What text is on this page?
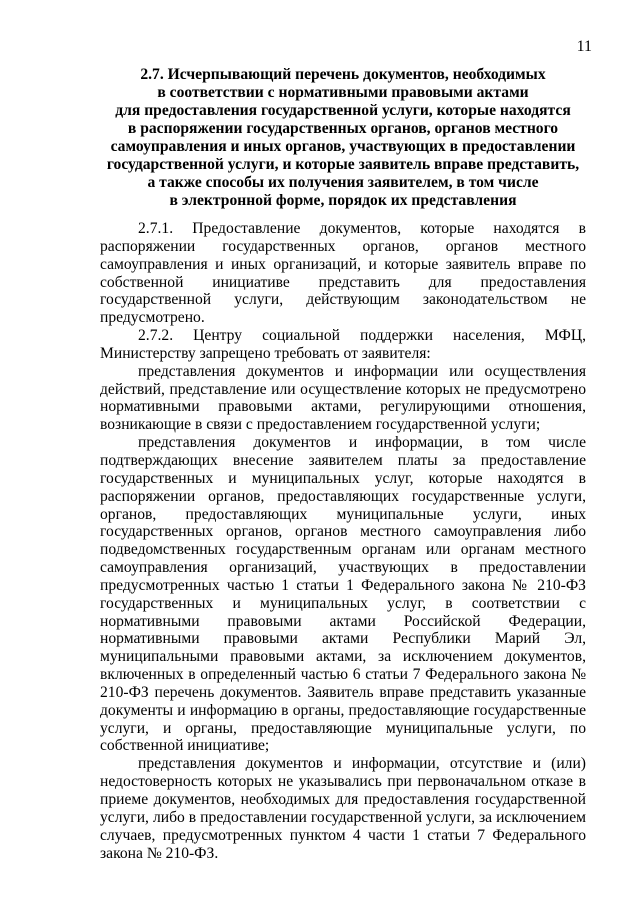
11
2.7. Исчерпывающий перечень документов, необходимых
в соответствии с нормативными правовыми актами
для предоставления государственной услуги, которые находятся
в распоряжении государственных органов, органов местного
самоуправления и иных органов, участвующих в предоставлении
государственной услуги, и которые заявитель вправе представить,
а также способы их получения заявителем, в том числе
в электронной форме, порядок их представления

2.7.1. Предоставление документов, которые находятся в распоряжении государственных органов, органов местного самоуправления и иных организаций, и которые заявитель вправе по собственной инициативе представить для предоставления государственной услуги, действующим законодательством не предусмотрено.

2.7.2. Центру социальной поддержки населения, МФЦ, Министерству запрещено требовать от заявителя:

представления документов и информации или осуществления действий, представление или осуществление которых не предусмотрено нормативными правовыми актами, регулирующими отношения, возникающие в связи с предоставлением государственной услуги;

представления документов и информации, в том числе подтверждающих внесение заявителем платы за предоставление государственных и муниципальных услуг, которые находятся в распоряжении органов, предоставляющих государственные услуги, органов, предоставляющих муниципальные услуги, иных государственных органов, органов местного самоуправления либо подведомственных государственным органам или органам местного самоуправления организаций, участвующих в предоставлении предусмотренных частью 1 статьи 1 Федерального закона № 210-ФЗ государственных и муниципальных услуг, в соответствии с нормативными правовыми актами Российской Федерации, нормативными правовыми актами Республики Марий Эл, муниципальными правовыми актами, за исключением документов, включенных в определенный частью 6 статьи 7 Федерального закона № 210-ФЗ перечень документов. Заявитель вправе представить указанные документы и информацию в органы, предоставляющие государственные услуги, и органы, предоставляющие муниципальные услуги, по собственной инициативе;

представления документов и информации, отсутствие и (или) недостоверность которых не указывались при первоначальном отказе в приеме документов, необходимых для предоставления государственной услуги, либо в предоставлении государственной услуги, за исключением случаев, предусмотренных пунктом 4 части 1 статьи 7 Федерального закона № 210-ФЗ.
